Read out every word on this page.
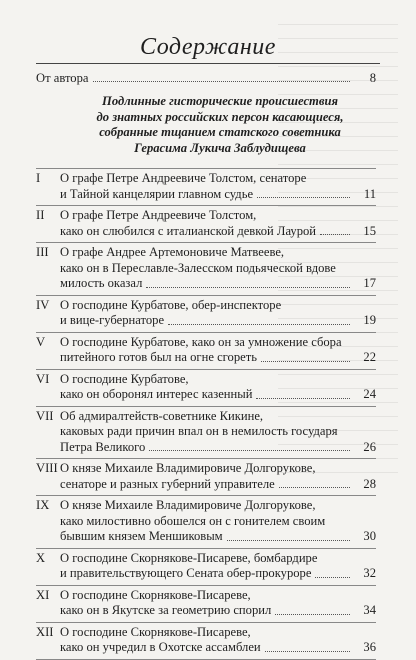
Содержание
От автора	8
Подлинные гисторические происшествия
до знатных российских персон касающиеся,
собранные тщанием статского советника
Герасима Лукича Заблудищева
I	О графе Петре Андреевиче Толстом, сенаторе
и Тайной канцелярии главном судье	11
II	О графе Петре Андреевиче Толстом,
како он слюбился с италианской девкой Лаурой	15
III О графе Андрее Артемоновиче Матвееве,
како он в Переславле-Залесском подьяческой вдове
милость оказал	17
IV О господине Курбатове, обер-инспекторе
и вице-губернаторе	19
V	О господине Курбатове, како он за умножение сбора
питейного готов был на огне сгореть	22
VI О господине Курбатове,
како он оборонял интерес казенный	24
VII Об адмиралтейств-советнике Кикине,
каковых ради причин впал он в немилость государя
Петра Великого	26
VIII О князе Михаиле Владимировиче Долгорукове,
сенаторе и разных губерний управителе	28
IX О князе Михаиле Владимировиче Долгорукове,
како милостивно обошелся он с гонителем своим
бывшим князем Меншиковым	30
X	О господине Скорнякове-Писареве, бомбардире
и правительствующего Сената обер-прокуроре	32
XI О господине Скорнякове-Писареве,
како он в Якутске за геометрию спорил	34
XII О господине Скорнякове-Писареве,
како он учредил в Охотске ассамблеи	36
